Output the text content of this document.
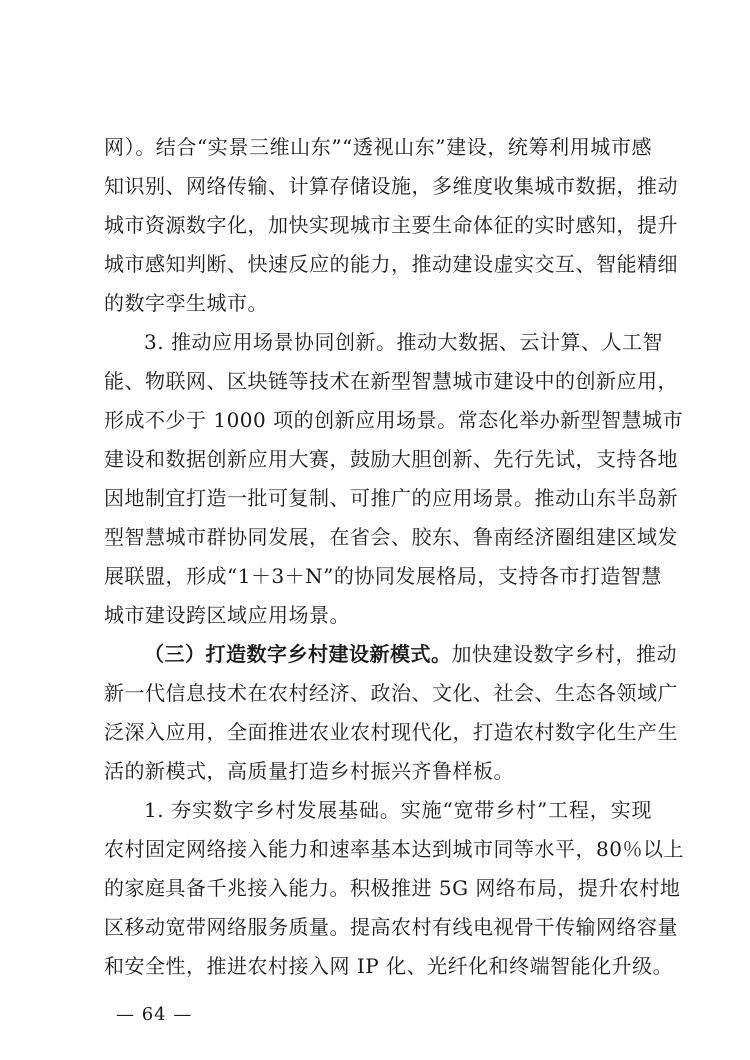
网）。结合“实景三维山东”“透视山东”建设，统筹利用城市感
知识别、网络传输、计算存储设施，多维度收集城市数据，推动
城市资源数字化，加快实现城市主要生命体征的实时感知，提升
城市感知判断、快速反应的能力，推动建设虚实交互、智能精细
的数字孪生城市。
3. 推动应用场景协同创新。推动大数据、云计算、人工智
能、物联网、区块链等技术在新型智慧城市建设中的创新应用，
形成不少于 1000 项的创新应用场景。常态化举办新型智慧城市
建设和数据创新应用大赛，鼓励大胆创新、先行先试，支持各地
因地制宜打造一批可复制、可推广的应用场景。推动山东半岛新
型智慧城市群协同发展，在省会、胶东、鲁南经济圈组建区域发
展联盟，形成“1＋3＋N”的协同发展格局，支持各市打造智慧
城市建设跨区域应用场景。
（三）打造数字乡村建设新模式。加快建设数字乡村，推动
新一代信息技术在农村经济、政治、文化、社会、生态各领域广
泛深入应用，全面推进农业农村现代化，打造农村数字化生产生
活的新模式，高质量打造乡村振兴齐鲁样板。
1. 夯实数字乡村发展基础。实施“宽带乡村”工程，实现
农村固定网络接入能力和速率基本达到城市同等水平，80％以上
的家庭具备千兆接入能力。积极推进 5G 网络布局，提升农村地
区移动宽带网络服务质量。提高农村有线电视骨干传输网络容量
和安全性，推进农村接入网 IP 化、光纤化和终端智能化升级。
— 64 —
